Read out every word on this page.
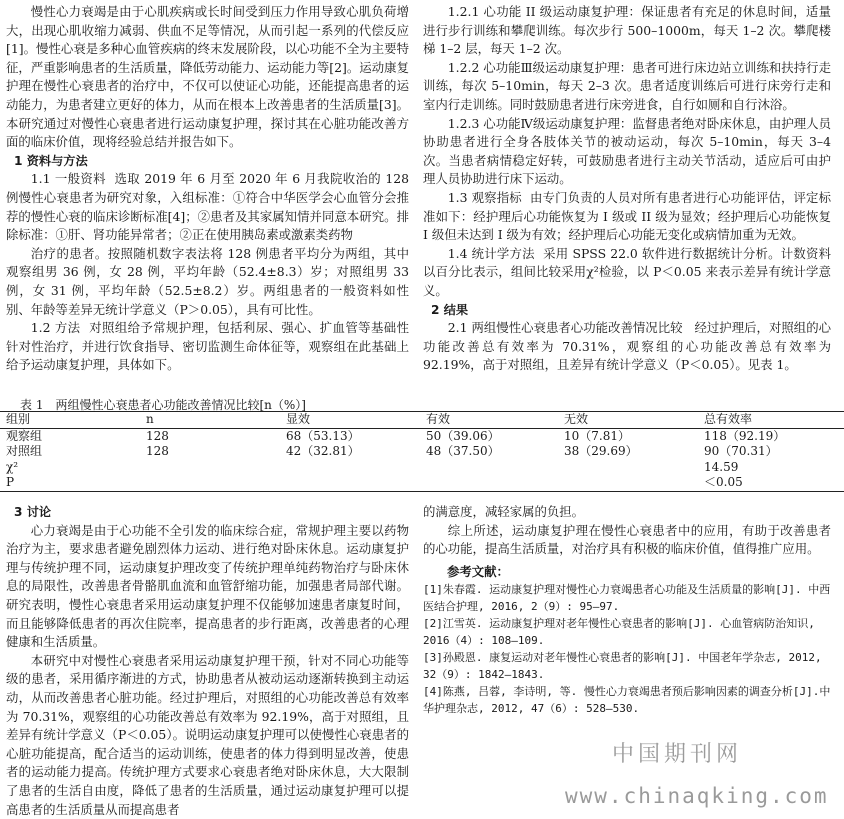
慢性心力衰竭是由于心肌疾病或长时间受到压力作用导致心肌负荷增大，出现心肌收缩力减弱、供血不足等情况，从而引起一系列的代偿反应[1]。慢性心衰是多种心血管疾病的终末发展阶段，以心功能不全为主要特征，严重影响患者的生活质量，降低劳动能力、运动能力等[2]。运动康复护理在慢性心衰患者的治疗中，不仅可以使证心功能，还能提高患者的运动能力，为患者建立更好的体力，从而在根本上改善患者的生活质量[3]。本研究通过对慢性心衰患者进行运动康复护理，探讨其在心脏功能改善方面的临床价值，现将经验总结并报告如下。

1 资料与方法

1.1 一般资料 选取 2019 年 6 月至 2020 年 6 月我院收治的 128 例慢性心衰患者为研究对象，入组标准：①符合中华医学会心血管分会推荐的慢性心衰的临床诊断标准[4]；②患者及其家属知情并同意本研究。排除标准：①肝、肾功能异常者；②正在使用胰岛素或激素类药物

治疗的患者。按照随机数字表法将 128 例患者平均分为两组，其中观察组男 36 例，女 28 例，平均年龄（52.4±8.3）岁；对照组男 33 例，女 31 例，平均年龄（52.5±8.2）岁。两组患者的一般资料如性别、年龄等差异无统计学意义（P＞0.05），具有可比性。

1.2 方法 对照组给予常规护理，包括利尿、强心、扩血管等基础性针对性治疗，并进行饮食指导、密切监测生命体征等，观察组在此基础上给予运动康复护理，具体如下。

1.2.1 心功能 II 级运动康复护理：保证患者有充足的休息时间，适量进行步行训练和攀爬训练。每次步行 500–1000m，每天 1–2 次。攀爬楼梯 1–2 层，每天 1–2 次。

1.2.2 心功能Ⅲ级运动康复护理：患者可进行床边站立训练和扶持行走训练，每次 5–10min，每天 2–3 次。患者适度训练后可进行床旁行走和室内行走训练。同时鼓励患者进行床旁进食，自行如厕和自行沐浴。

1.2.3 心功能Ⅳ级运动康复护理：监督患者绝对卧床休息，由护理人员协助患者进行全身各肢体关节的被动运动，每次 5–10min，每天 3–4 次。当患者病情稳定好转，可鼓励患者进行主动关节活动，适应后可由护理人员协助进行床下运动。

1.3 观察指标 由专门负责的人员对所有患者进行心功能评估，评定标准如下：经护理后心功能恢复为 I 级或 II 级为显效；经护理后心功能恢复 I 级但未达到 I 级为有效；经护理后心功能无变化或病情加重为无效。

1.4 统计学方法 采用 SPSS 22.0 软件进行数据统计分析。计数资料以百分比表示，组间比较采用χ²检验，以 P＜0.05 来表示差异有统计学意义。

2 结果

2.1 两组慢性心衰患者心功能改善情况比较 经过护理后，对照组的心功能改善总有效率为 70.31%，观察组的心功能改善总有效率为 92.19%，高于对照组，且差异有统计学意义（P＜0.05）。见表 1。

表 1　两组慢性心衰患者心功能改善情况比较[n（%）]
组别	n	显效	有效	无效	总有效率
观察组	128	68（53.13）	50（39.06）	10（7.81）	118（92.19）
对照组	128	42（32.81）	48（37.50）	38（29.69）	90（70.31）
χ²					14.59
P					＜0.05

3 讨论

心力衰竭是由于心功能不全引发的临床综合症，常规护理主要以药物治疗为主，要求患者避免剧烈体力运动、进行绝对卧床休息。运动康复护理与传统护理不同，运动康复护理改变了传统护理单纯药物治疗与卧床休息的局限性，改善患者骨骼肌血流和血管舒缩功能，加强患者局部代谢。研究表明，慢性心衰患者采用运动康复护理不仅能够加速患者康复时间，而且能够降低患者的再次住院率，提高患者的步行距离，改善患者的心理健康和生活质量。

本研究中对慢性心衰患者采用运动康复护理干预，针对不同心功能等级的患者，采用循序渐进的方式，协助患者从被动运动逐渐转换到主动运动，从而改善患者心脏功能。经过护理后，对照组的心功能改善总有效率为 70.31%，观察组的心功能改善总有效率为 92.19%，高于对照组，且差异有统计学意义（P＜0.05）。说明运动康复护理可以使慢性心衰患者的心脏功能提高，配合适当的运动训练，使患者的体力得到明显改善，使患者的运动能力提高。传统护理方式要求心衰患者绝对卧床休息，大大限制了患者的生活自由度，降低了患者的生活质量，通过运动康复护理可以提高患者的生活质量从而提高患者

的满意度，减轻家属的负担。

综上所述，运动康复护理在慢性心衰患者中的应用，有助于改善患者的心功能，提高生活质量，对治疗具有积极的临床价值，值得推广应用。

参考文献：

[1]朱春霞. 运动康复护理对慢性心力衰竭患者心功能及生活质量的影响[J]. 中西医结合护理, 2016, 2（9）: 95–97.

[2]江雪英. 运动康复护理对老年慢性心衰患者的影响[J]. 心血管病防治知识, 2016（4）: 108–109.

[3]孙殿恩. 康复运动对老年慢性心衰患者的影响[J]. 中国老年学杂志, 2012, 32（9）: 1842–1843.

[4]陈燕, 吕蓉, 李诗明, 等. 慢性心力衰竭患者预后影响因素的调查分析[J].中华护理杂志, 2012, 47（6）: 528–530.

中国期刊网
www.chinaqking.com
